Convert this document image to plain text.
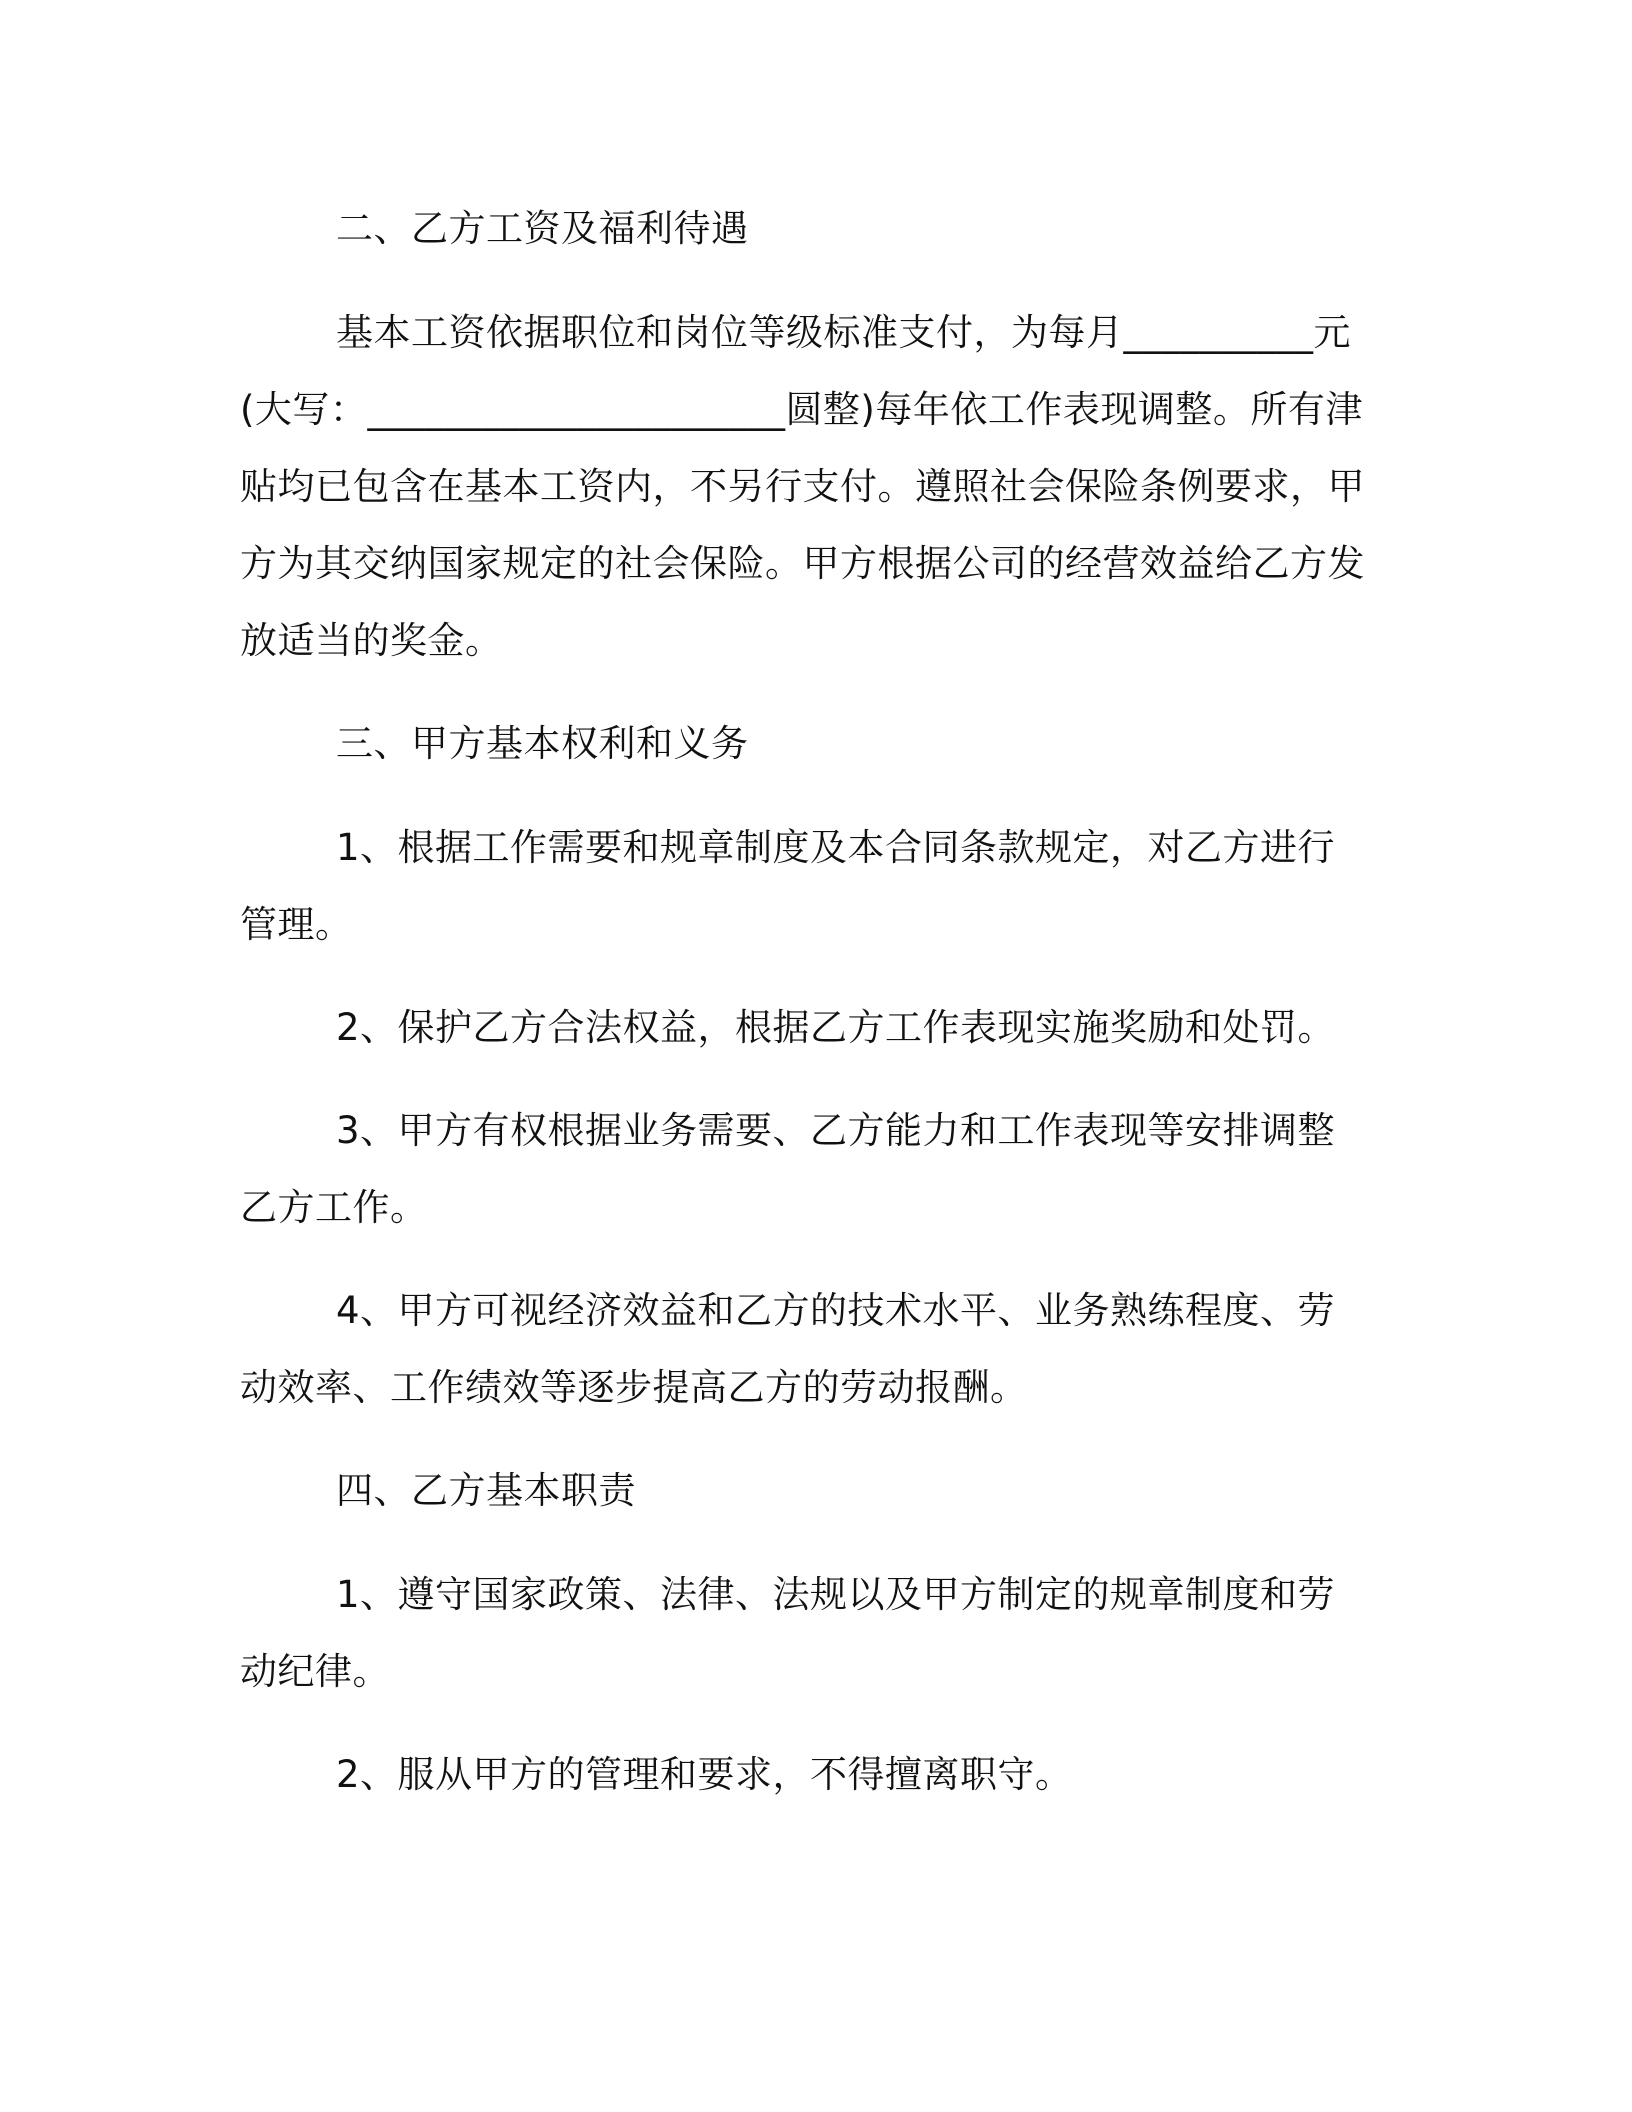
二、乙方工资及福利待遇
基本工资依据职位和岗位等级标准支付，为每月__________元(大写：______________________圆整)每年依工作表现调整。所有津贴均已包含在基本工资内，不另行支付。遵照社会保险条例要求，甲方为其交纳国家规定的社会保险。甲方根据公司的经营效益给乙方发放适当的奖金。
三、甲方基本权利和义务
1、根据工作需要和规章制度及本合同条款规定，对乙方进行管理。
2、保护乙方合法权益，根据乙方工作表现实施奖励和处罚。
3、甲方有权根据业务需要、乙方能力和工作表现等安排调整乙方工作。
4、甲方可视经济效益和乙方的技术水平、业务熟练程度、劳动效率、工作绩效等逐步提高乙方的劳动报酬。
四、乙方基本职责
1、遵守国家政策、法律、法规以及甲方制定的规章制度和劳动纪律。
2、服从甲方的管理和要求，不得擅离职守。
